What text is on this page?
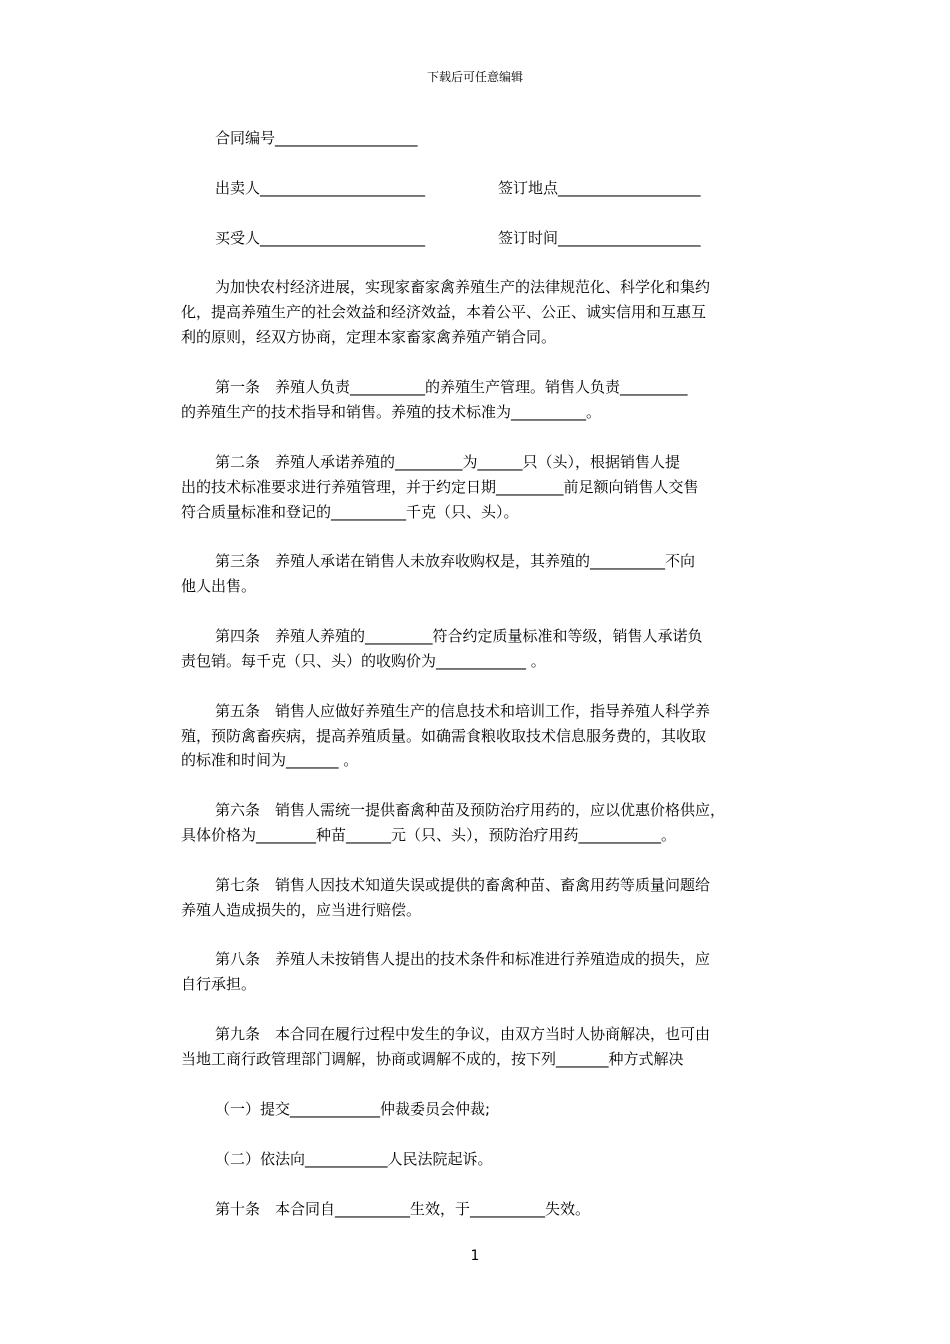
下载后可任意编辑
合同编号___________________
出卖人______________________	签订地点___________________
买受人______________________	签订时间___________________
为加快农村经济进展，实现家畜家禽养殖生产的法律规范化、科学化和集约
化，提高养殖生产的社会效益和经济效益，本着公平、公正、诚实信用和互惠互
利的原则，经双方协商，定理本家畜家禽养殖产销合同。
第一条　养殖人负责__________的养殖生产管理。销售人负责_________
的养殖生产的技术指导和销售。养殖的技术标准为__________。
第二条　养殖人承诺养殖的_________为______只（头），根据销售人提
出的技术标准要求进行养殖管理，并于约定日期_________前足额向销售人交售
符合质量标准和登记的__________千克（只、头）。
第三条　养殖人承诺在销售人未放弃收购权是，其养殖的__________不向
他人出售。
第四条　养殖人养殖的_________符合约定质量标准和等级，销售人承诺负
责包销。每千克（只、头）的收购价为____________ 。
第五条　销售人应做好养殖生产的信息技术和培训工作，指导养殖人科学养
殖，预防禽畜疾病，提高养殖质量。如确需食粮收取技术信息服务费的，其收取
的标准和时间为_______ 。
第六条　销售人需统一提供畜禽种苗及预防治疗用药的，应以优惠价格供应，
具体价格为________种苗______元（只、头），预防治疗用药___________。
第七条　销售人因技术知道失误或提供的畜禽种苗、畜禽用药等质量问题给
养殖人造成损失的，应当进行赔偿。
第八条　养殖人未按销售人提出的技术条件和标准进行养殖造成的损失，应
自行承担。
第九条　本合同在履行过程中发生的争议，由双方当时人协商解决，也可由
当地工商行政管理部门调解，协商或调解不成的，按下列_______种方式解决
（一）提交____________仲裁委员会仲裁;
（二）依法向___________人民法院起诉。
第十条　本合同自__________生效，于__________失效。
1
